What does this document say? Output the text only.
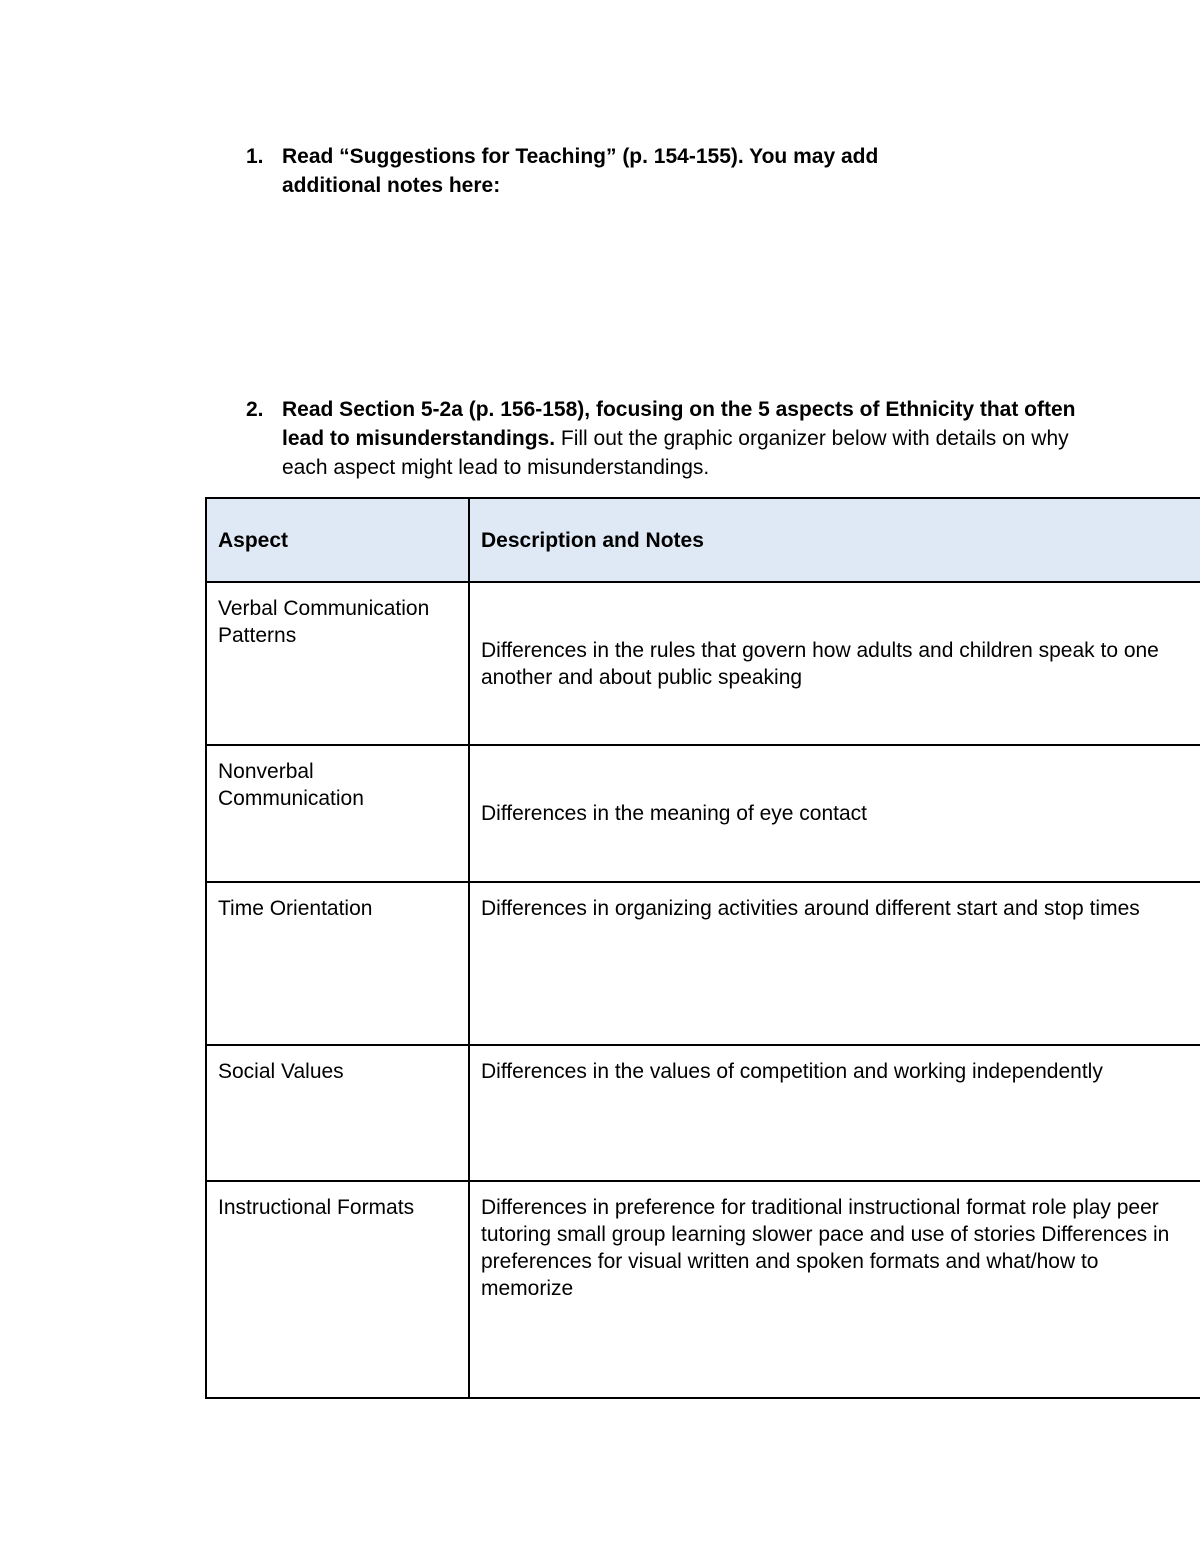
1. Read “Suggestions for Teaching” (p. 154-155). You may add additional notes here:
2. Read Section 5-2a (p. 156-158), focusing on the 5 aspects of Ethnicity that often lead to misunderstandings. Fill out the graphic organizer below with details on why each aspect might lead to misunderstandings.
Aspect	Description and Notes

Verbal Communication Patterns	Differences in the rules that govern how adults and children speak to one another and about public speaking

Nonverbal Communication	Differences in the meaning of eye contact

Time Orientation	Differences in organizing activities around different start and stop times

Social Values	Differences in the values of competition and working independently

Instructional Formats	Differences in preference for traditional instructional format role play peer tutoring small group learning slower pace and use of stories Differences in preferences for visual written and spoken formats and what/how to memorize
